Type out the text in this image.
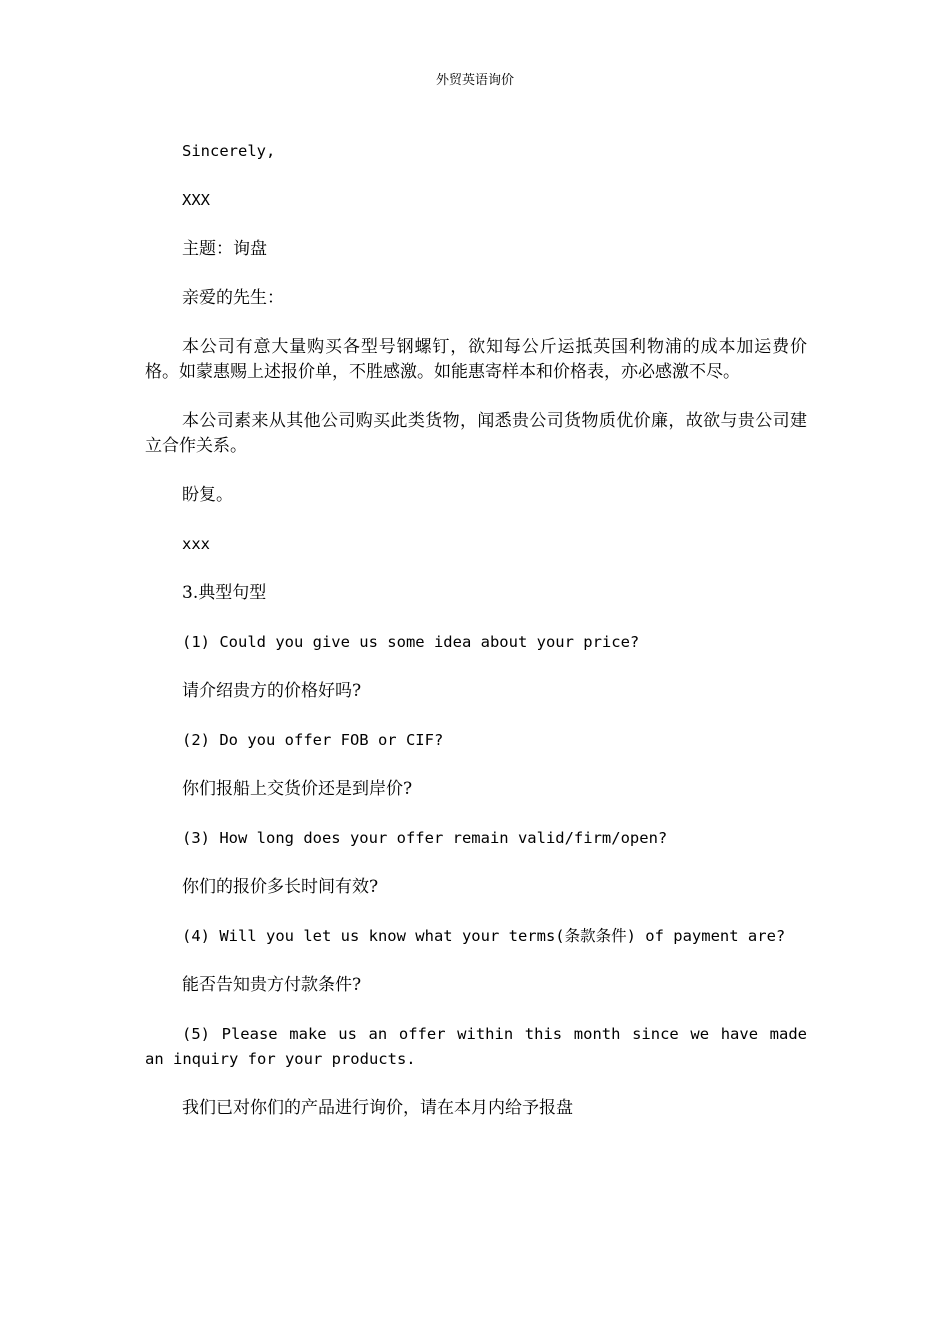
外贸英语询价

Sincerely,

XXX

主题：询盘

亲爱的先生：

本公司有意大量购买各型号钢螺钉，欲知每公斤运抵英国利物浦的成本加运费价格。如蒙惠赐上述报价单，不胜感激。如能惠寄样本和价格表，亦必感激不尽。

本公司素来从其他公司购买此类货物，闻悉贵公司货物质优价廉，故欲与贵公司建立合作关系。

盼复。

xxx

3.典型句型

(1) Could you give us some idea about your price?

请介绍贵方的价格好吗?

(2) Do you offer FOB or CIF?

你们报船上交货价还是到岸价?

(3) How long does your offer remain valid/firm/open?

你们的报价多长时间有效?

(4) Will you let us know what your terms(条款条件) of payment are?

能否告知贵方付款条件?

(5) Please make us an offer within this month since we have made an inquiry for your products.

我们已对你们的产品进行询价，请在本月内给予报盘
